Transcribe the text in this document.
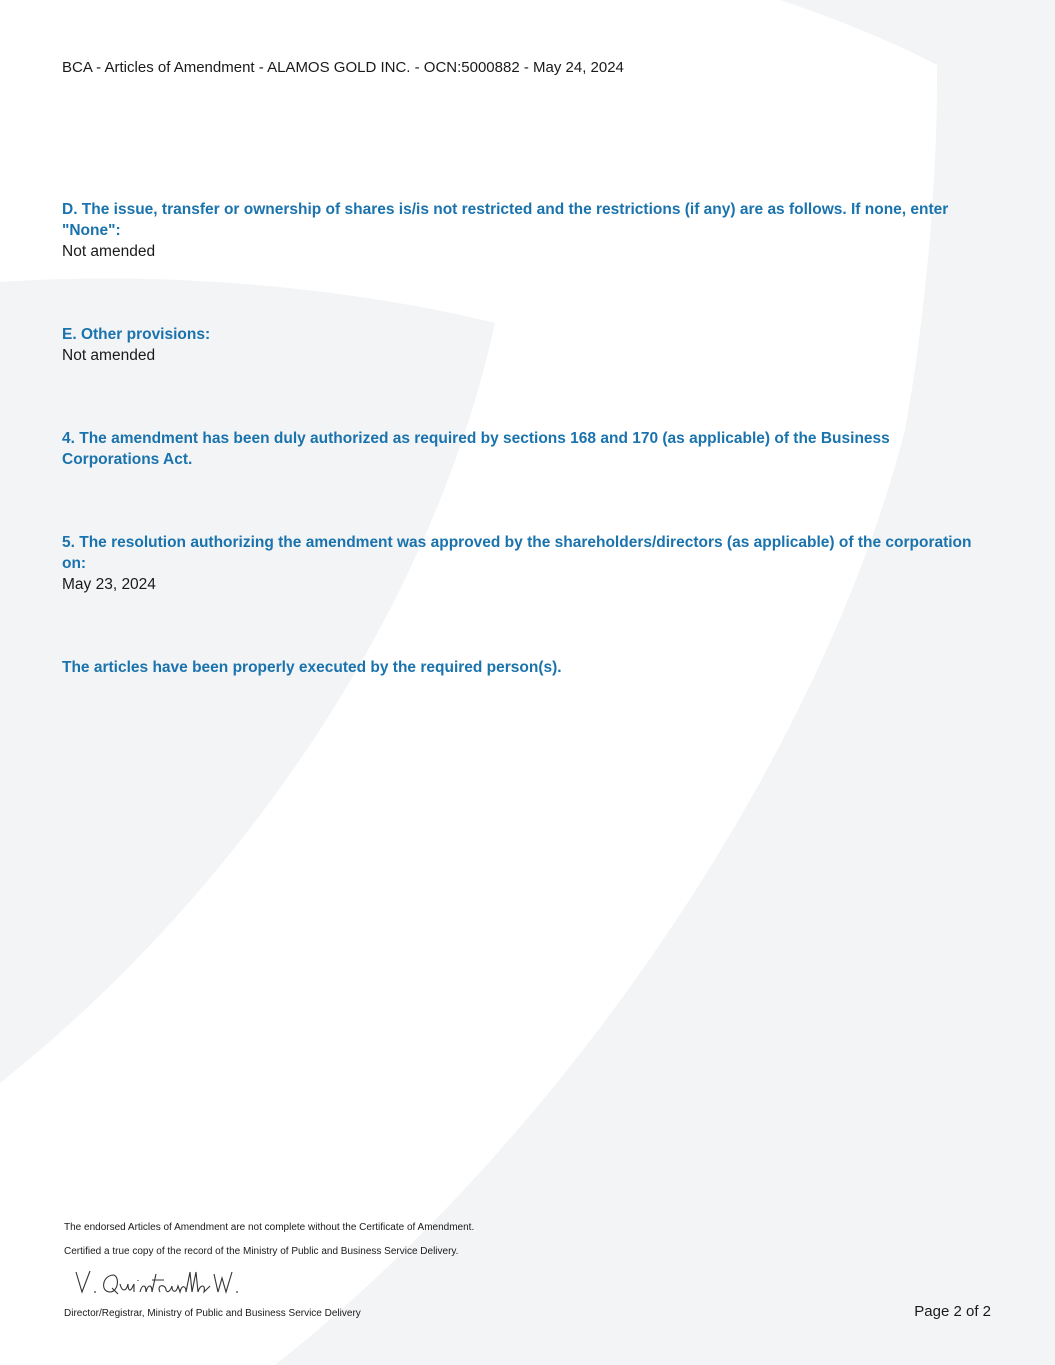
BCA - Articles of Amendment - ALAMOS GOLD INC. - OCN:5000882 - May 24, 2024
D. The issue, transfer or ownership of shares is/is not restricted and the restrictions (if any) are as follows. If none, enter "None":
Not amended
E. Other provisions:
Not amended
4. The amendment has been duly authorized as required by sections 168 and 170 (as applicable) of the Business Corporations Act.
5. The resolution authorizing the amendment was approved by the shareholders/directors (as applicable) of the corporation on:
May 23, 2024
The articles have been properly executed by the required person(s).
The endorsed Articles of Amendment are not complete without the Certificate of Amendment.
Certified a true copy of the record of the Ministry of Public and Business Service Delivery.
Director/Registrar, Ministry of Public and Business Service Delivery	Page 2 of 2
